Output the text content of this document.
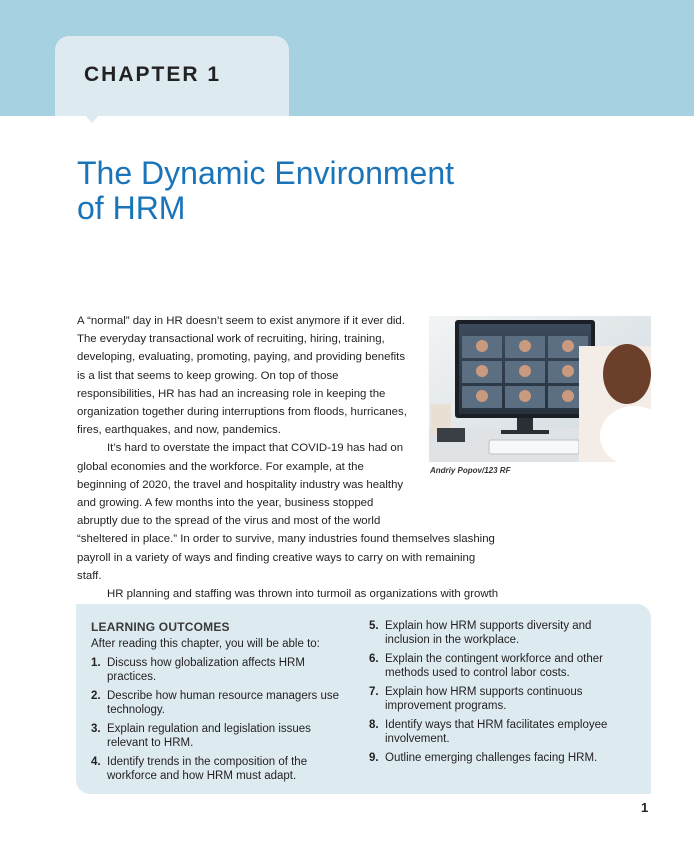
CHAPTER 1
The Dynamic Environment
of HRM

A “normal” day in HR doesn’t seem to exist anymore if it ever did. The everyday transactional work of recruiting, hiring, training, developing, evaluating, promoting, paying, and providing benefits is a list that seems to keep growing. On top of those responsibilities, HR has had an increasing role in keeping the organization together during interruptions from floods, hurricanes, fires, earthquakes, and now, pandemics.

It’s hard to overstate the impact that COVID-19 has had on global economies and the workforce. For example, at the beginning of 2020, the travel and hospitality industry was healthy and growing. A few months into the year, business stopped abruptly due to the spread of the virus and most of the world

“sheltered in place.” In order to survive, many industries found themselves slashing payroll in a variety of ways and finding creative ways to carry on with remaining staff.

HR planning and staffing was thrown into turmoil as organizations with growth

Andriy Popov/123 RF
LEARNING OUTCOMES
After reading this chapter, you will be able to:
1. Discuss how globalization affects HRM practices.
2. Describe how human resource managers use technology.
3. Explain regulation and legislation issues relevant to HRM.
4. Identify trends in the composition of the workforce and how HRM must adapt.
5. Explain how HRM supports diversity and inclusion in the workplace.
6. Explain the contingent workforce and other methods used to control labor costs.
7. Explain how HRM supports continuous improvement programs.
8. Identify ways that HRM facilitates employee involvement.
9. Outline emerging challenges facing HRM.
1
